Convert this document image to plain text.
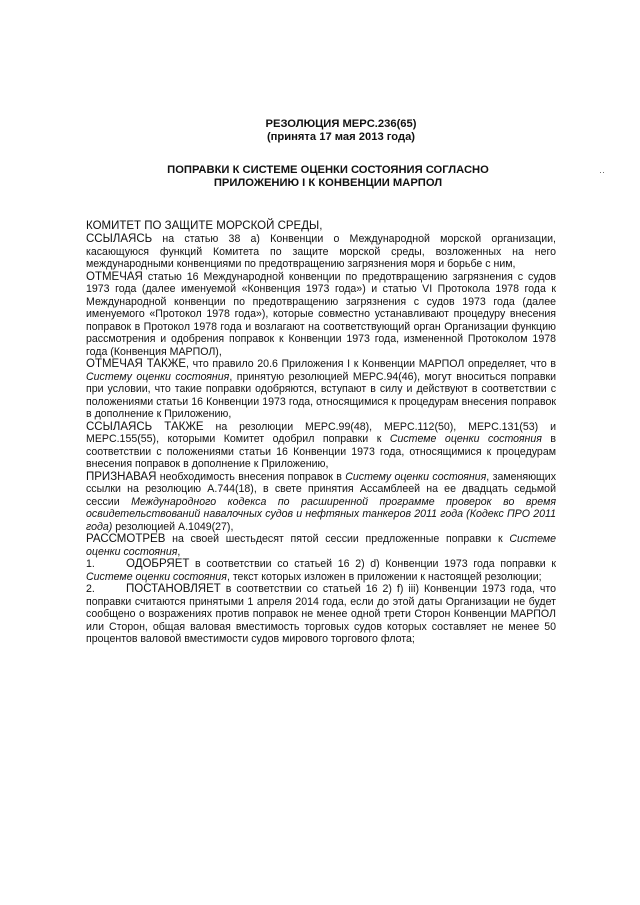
··
РЕЗОЛЮЦИЯ MEPC.236(65)
(принята 17 мая 2013 года)
ПОПРАВКИ К СИСТЕМЕ ОЦЕНКИ СОСТОЯНИЯ СОГЛАСНО
ПРИЛОЖЕНИЮ I К КОНВЕНЦИИ МАРПОЛ
КОМИТЕТ ПО ЗАЩИТЕ МОРСКОЙ СРЕДЫ,

ССЫЛАЯСЬ на статью 38 а) Конвенции о Международной морской организации, касающуюся функций Комитета по защите морской среды, возложенных на него международными конвенциями по предотвращению загрязнения моря и борьбе с ним,

ОТМЕЧАЯ статью 16 Международной конвенции по предотвращению загрязнения с судов 1973 года (далее именуемой «Конвенция 1973 года») и статью VI Протокола 1978 года к Международной конвенции по предотвращению загрязнения с судов 1973 года (далее именуемого «Протокол 1978 года»), которые совместно устанавливают процедуру внесения поправок в Протокол 1978 года и возлагают на соответствующий орган Организации функцию рассмотрения и одобрения поправок к Конвенции 1973 года, измененной Протоколом 1978 года (Конвенция МАРПОЛ),

ОТМЕЧАЯ ТАКЖЕ, что правило 20.6 Приложения I к Конвенции МАРПОЛ определяет, что в Систему оценки состояния, принятую резолюцией MEPC.94(46), могут вноситься поправки при условии, что такие поправки одобряются, вступают в силу и действуют в соответствии с положениями статьи 16 Конвенции 1973 года, относящимися к процедурам внесения поправок в дополнение к Приложению,

ССЫЛАЯСЬ ТАКЖЕ на резолюции MEPC.99(48), MEPC.112(50), MEPC.131(53) и MEPC.155(55), которыми Комитет одобрил поправки к Системе оценки состояния в соответствии с положениями статьи 16 Конвенции 1973 года, относящимися к процедурам внесения поправок в дополнение к Приложению,

ПРИЗНАВАЯ необходимость внесения поправок в Систему оценки состояния, заменяющих ссылки на резолюцию A.744(18), в свете принятия Ассамблеей на ее двадцать седьмой сессии Международного кодекса по расширенной программе проверок во время освидетельствований навалочных судов и нефтяных танкеров 2011 года (Кодекс ПРО 2011 года) резолюцией A.1049(27),

РАССМОТРЕВ на своей шестьдесят пятой сессии предложенные поправки к Системе оценки состояния,

1.	ОДОБРЯЕТ в соответствии со статьей 16 2) d) Конвенции 1973 года поправки к Системе оценки состояния, текст которых изложен в приложении к настоящей резолюции;

2.	ПОСТАНОВЛЯЕТ в соответствии со статьей 16 2) f) iii) Конвенции 1973 года, что поправки считаются принятыми 1 апреля 2014 года, если до этой даты Организации не будет сообщено о возражениях против поправок не менее одной трети Сторон Конвенции МАРПОЛ или Сторон, общая валовая вместимость торговых судов которых составляет не менее 50 процентов валовой вместимости судов мирового торгового флота;
